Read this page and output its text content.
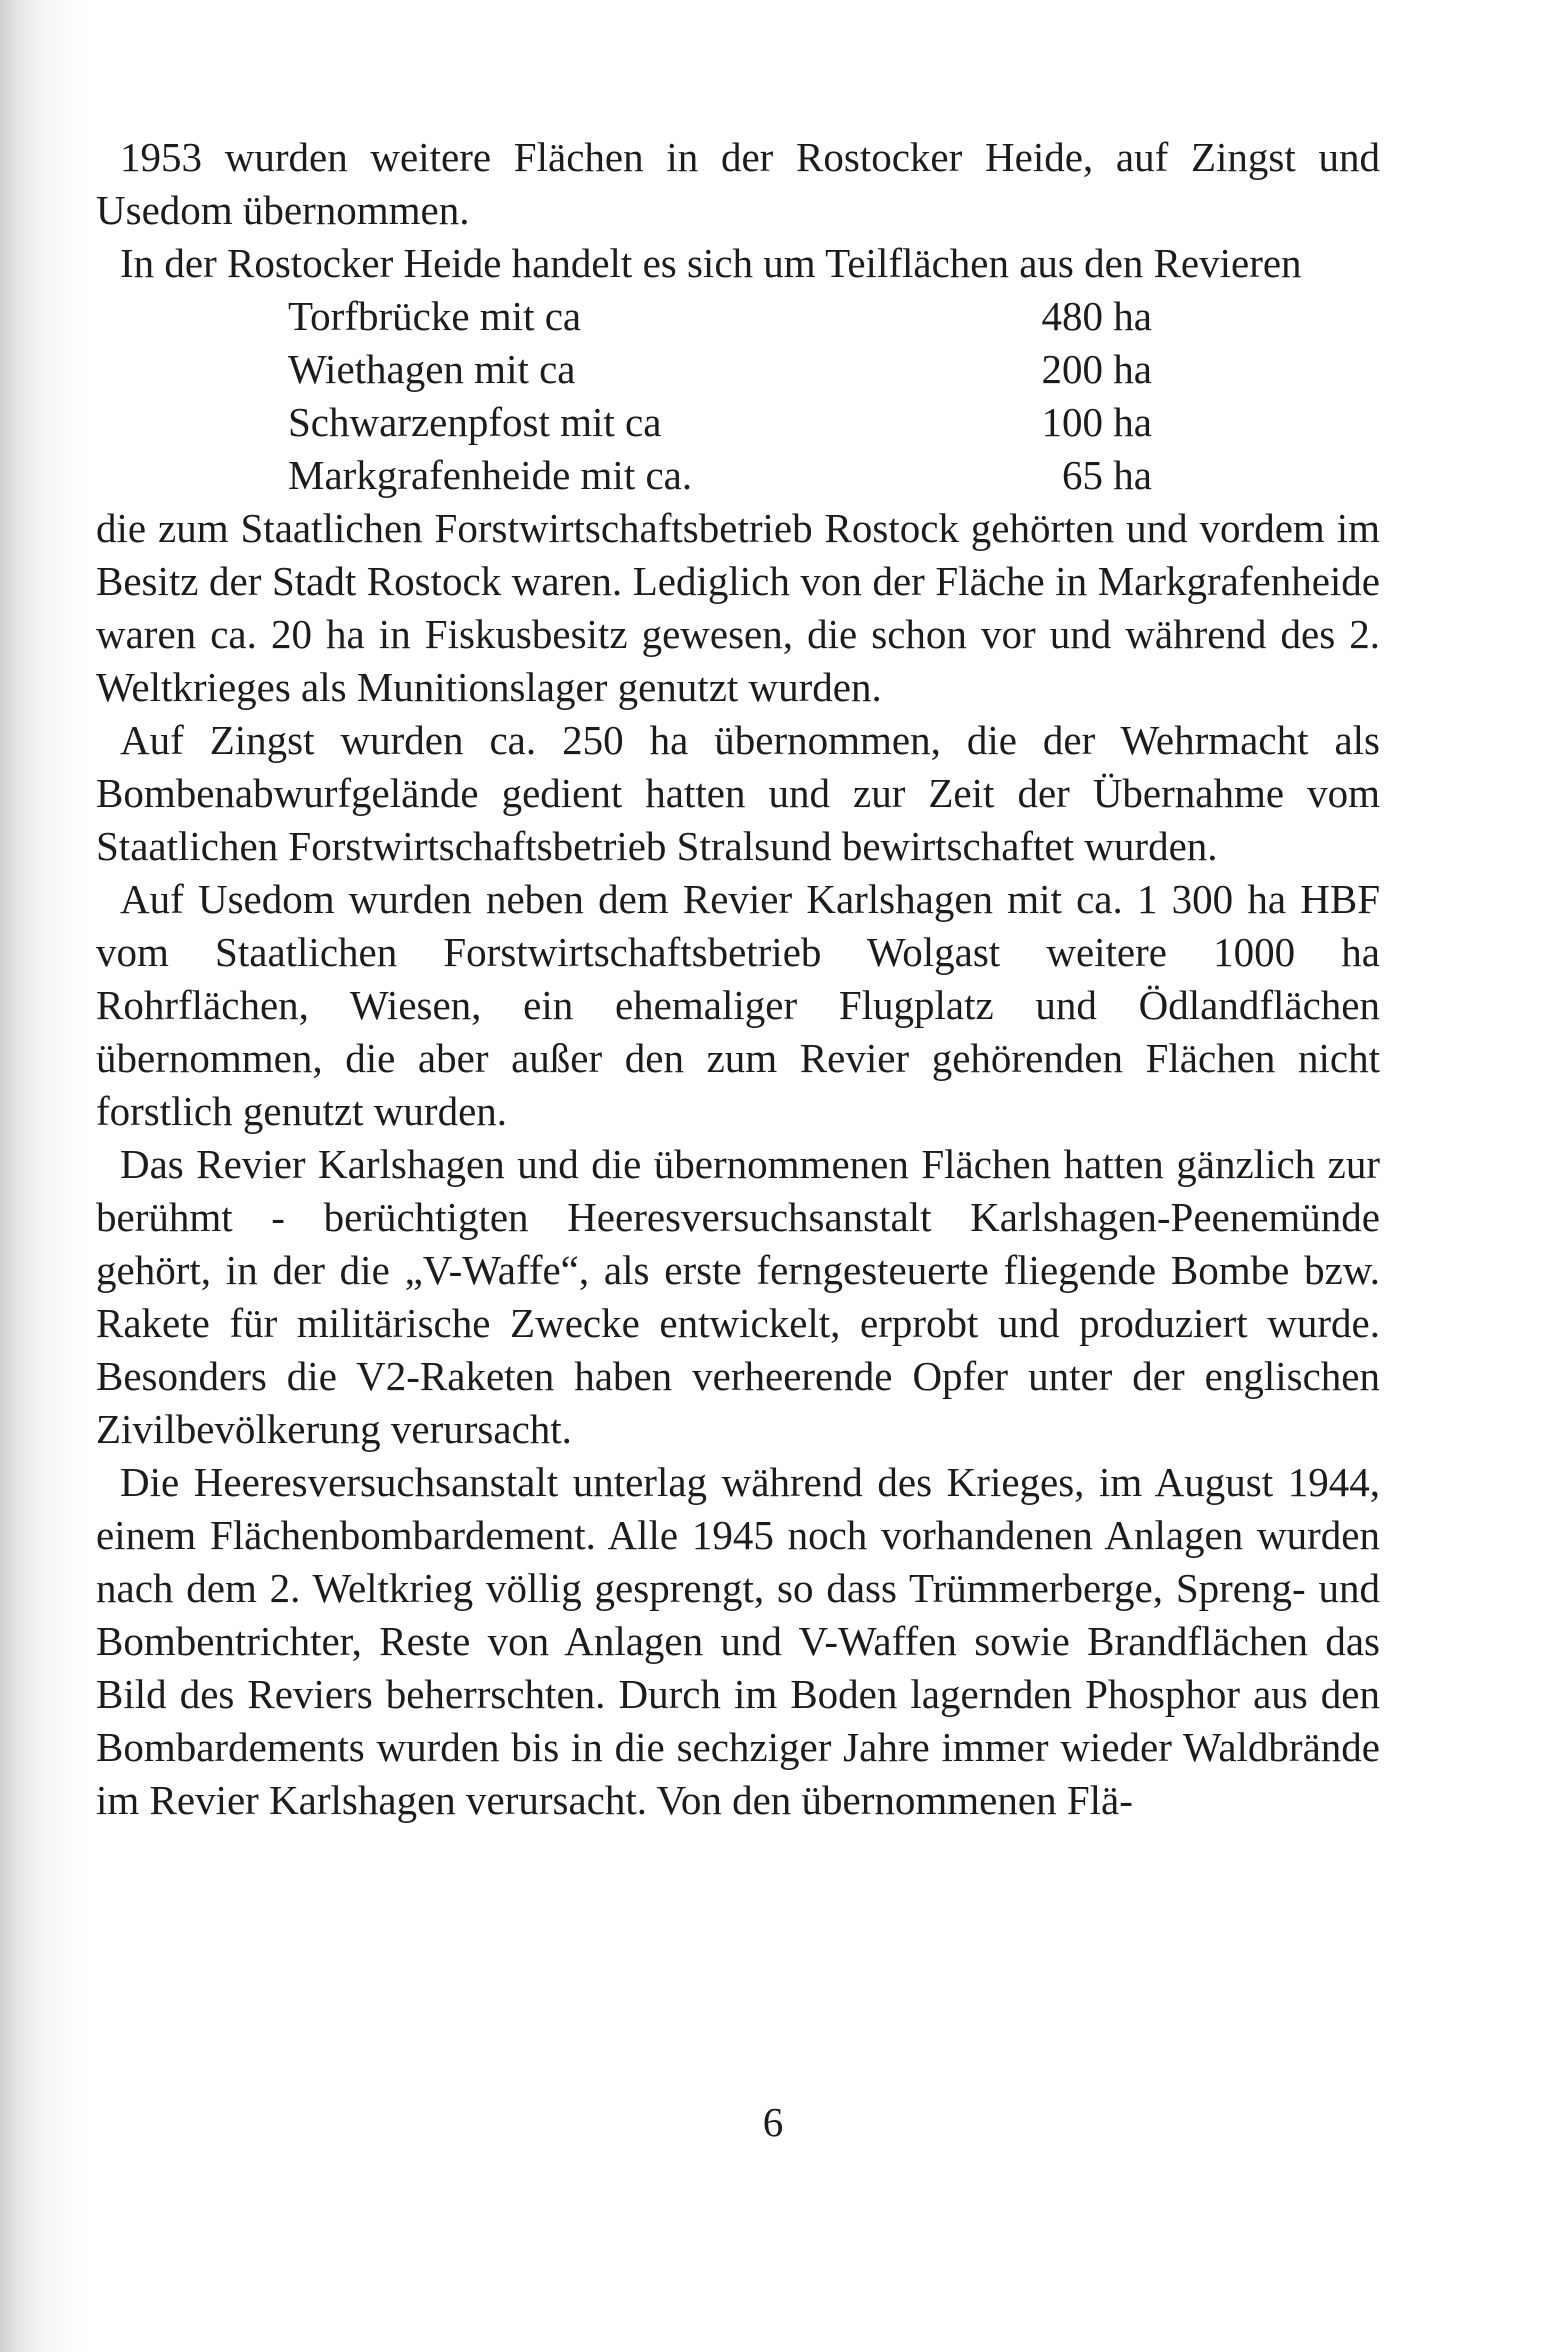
1953 wurden weitere Flächen in der Rostocker Heide, auf Zingst und Usedom übernommen.

In der Rostocker Heide handelt es sich um Teilflächen aus den Revieren

Torfbrücke mit ca	480 ha
Wiethagen mit ca	200 ha
Schwarzenpfost mit ca	100 ha
Markgrafenheide mit ca.	65 ha

die zum Staatlichen Forstwirtschaftsbetrieb Rostock gehörten und vordem im Besitz der Stadt Rostock waren. Lediglich von der Fläche in Markgrafenheide waren ca. 20 ha in Fiskusbesitz gewesen, die schon vor und während des 2. Weltkrieges als Munitionslager genutzt wurden.

Auf Zingst wurden ca. 250 ha übernommen, die der Wehrmacht als Bombenabwurfgelände gedient hatten und zur Zeit der Übernahme vom Staatlichen Forstwirtschaftsbetrieb Stralsund bewirtschaftet wurden.

Auf Usedom wurden neben dem Revier Karlshagen mit ca. 1 300 ha HBF vom Staatlichen Forstwirtschaftsbetrieb Wolgast weitere 1000 ha Rohrflächen, Wiesen, ein ehemaliger Flugplatz und Ödlandflächen übernommen, die aber außer den zum Revier gehörenden Flächen nicht forstlich genutzt wurden.

Das Revier Karlshagen und die übernommenen Flächen hatten gänzlich zur berühmt - berüchtigten Heeresversuchsanstalt Karlshagen-Peenemünde gehört, in der die „V-Waffe“, als erste ferngesteuerte fliegende Bombe bzw. Rakete für militärische Zwecke entwickelt, erprobt und produziert wurde. Besonders die V2-Raketen haben verheerende Opfer unter der englischen Zivilbevölkerung verursacht.

Die Heeresversuchsanstalt unterlag während des Krieges, im August 1944, einem Flächenbombardement. Alle 1945 noch vorhandenen Anlagen wurden nach dem 2. Weltkrieg völlig gesprengt, so dass Trümmerberge, Spreng- und Bombentrichter, Reste von Anlagen und V-Waffen sowie Brandflächen das Bild des Reviers beherrschten. Durch im Boden lagernden Phosphor aus den Bombardements wurden bis in die sechziger Jahre immer wieder Waldbrände im Revier Karlshagen verursacht. Von den übernommenen Flä-

6
